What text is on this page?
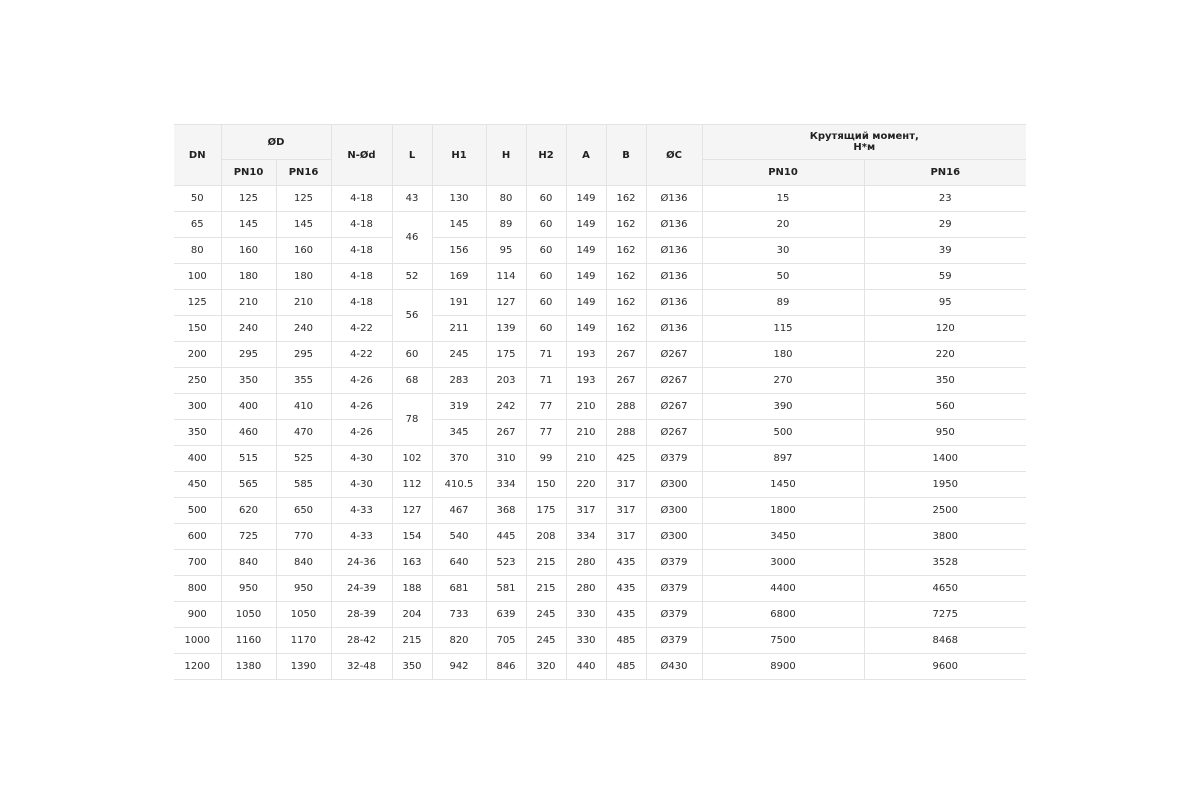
DN	ØD		N-Ød	L	H1	H	H2	A	B	ØC	Крутящий момент,
Н*м	
	PN10	PN16									PN10	PN16
50	125	125	4-18	43	130	80	60	149	162	Ø136	15	23
65	145	145	4-18	46	145	89	60	149	162	Ø136	20	29
80	160	160	4-18		156	95	60	149	162	Ø136	30	39
100	180	180	4-18	52	169	114	60	149	162	Ø136	50	59
125	210	210	4-18	56	191	127	60	149	162	Ø136	89	95
150	240	240	4-22		211	139	60	149	162	Ø136	115	120
200	295	295	4-22	60	245	175	71	193	267	Ø267	180	220
250	350	355	4-26	68	283	203	71	193	267	Ø267	270	350
300	400	410	4-26	78	319	242	77	210	288	Ø267	390	560
350	460	470	4-26		345	267	77	210	288	Ø267	500	950
400	515	525	4-30	102	370	310	99	210	425	Ø379	897	1400
450	565	585	4-30	112	410.5	334	150	220	317	Ø300	1450	1950
500	620	650	4-33	127	467	368	175	317	317	Ø300	1800	2500
600	725	770	4-33	154	540	445	208	334	317	Ø300	3450	3800
700	840	840	24-36	163	640	523	215	280	435	Ø379	3000	3528
800	950	950	24-39	188	681	581	215	280	435	Ø379	4400	4650
900	1050	1050	28-39	204	733	639	245	330	435	Ø379	6800	7275
1000	1160	1170	28-42	215	820	705	245	330	485	Ø379	7500	8468
1200	1380	1390	32-48	350	942	846	320	440	485	Ø430	8900	9600
